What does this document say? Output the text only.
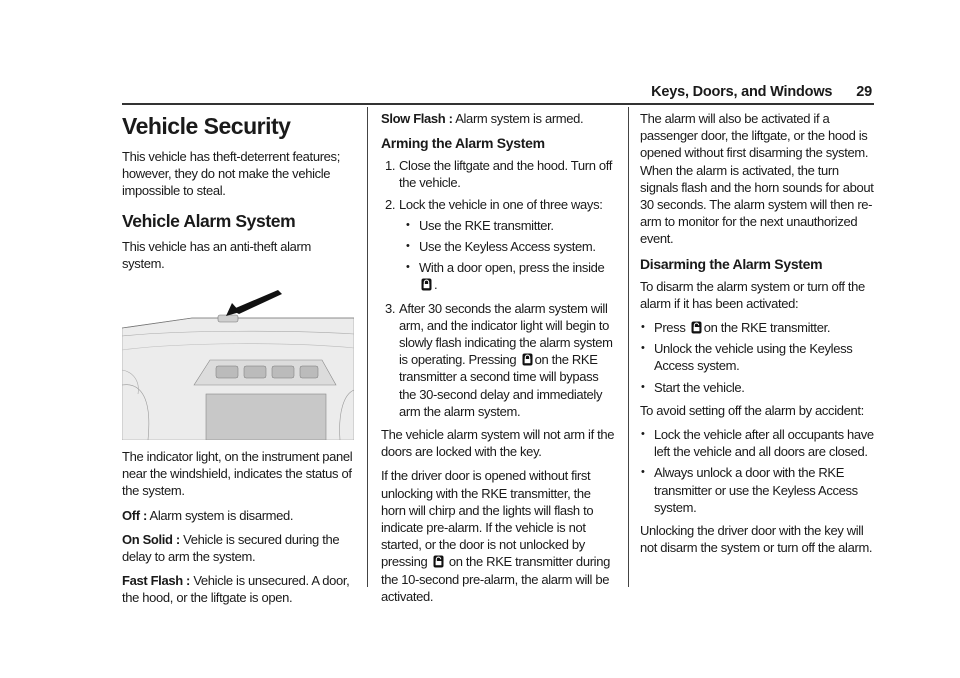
Keys, Doors, and Windows 29
Vehicle Security

This vehicle has theft-deterrent features; however, they do not make the vehicle impossible to steal.

Vehicle Alarm System

This vehicle has an anti-theft alarm system.

The indicator light, on the instrument panel near the windshield, indicates the status of the system.

Off : Alarm system is disarmed.

On Solid : Vehicle is secured during the delay to arm the system.

Fast Flash : Vehicle is unsecured. A door, the hood, or the liftgate is open.

Slow Flash : Alarm system is armed.

Arming the Alarm System
1. Close the liftgate and the hood. Turn off the vehicle.
2. Lock the vehicle in one of three ways:
• Use the RKE transmitter.
• Use the Keyless Access system.
• With a door open, press the inside .
3. After 30 seconds the alarm system will arm, and the indicator light will begin to slowly flash indicating the alarm system is operating. Pressing on the RKE transmitter a second time will bypass the 30-second delay and immediately arm the alarm system.

The vehicle alarm system will not arm if the doors are locked with the key.

If the driver door is opened without first unlocking with the RKE transmitter, the horn will chirp and the lights will flash to indicate pre-alarm. If the vehicle is not started, or the door is not unlocked by pressing on the RKE transmitter during the 10-second pre-alarm, the alarm will be activated.

The alarm will also be activated if a passenger door, the liftgate, or the hood is opened without first disarming the system. When the alarm is activated, the turn signals flash and the horn sounds for about 30 seconds. The alarm system will then re-arm to monitor for the next unauthorized event.

Disarming the Alarm System

To disarm the alarm system or turn off the alarm if it has been activated:

• Press on the RKE transmitter.
• Unlock the vehicle using the Keyless Access system.
• Start the vehicle.

To avoid setting off the alarm by accident:

• Lock the vehicle after all occupants have left the vehicle and all doors are closed.
• Always unlock a door with the RKE transmitter or use the Keyless Access system.

Unlocking the driver door with the key will not disarm the system or turn off the alarm.
